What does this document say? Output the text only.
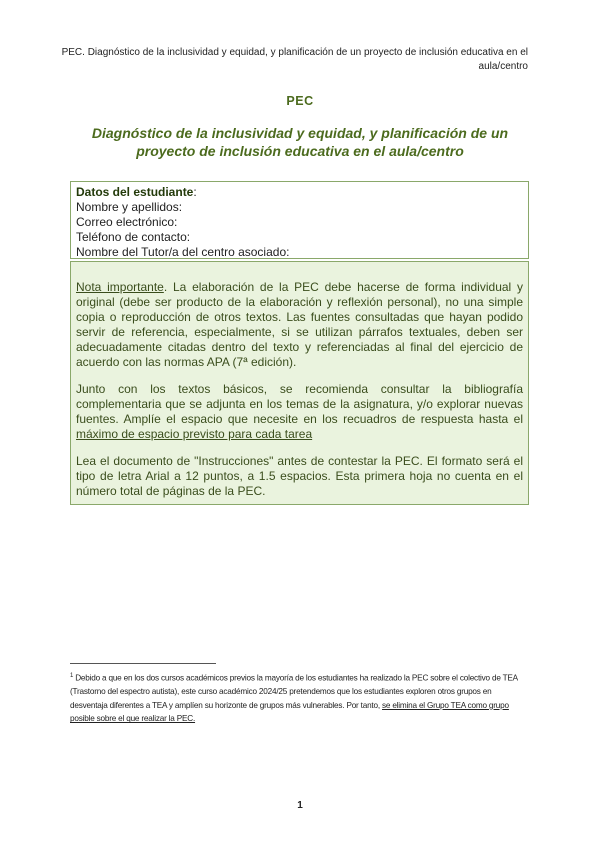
PEC. Diagnóstico de la inclusividad y equidad, y planificación de un proyecto de inclusión educativa en el aula/centro
PEC
Diagnóstico de la inclusividad y equidad, y planificación de un proyecto de inclusión educativa en el aula/centro
Datos del estudiante:
Nombre y apellidos:
Correo electrónico:
Teléfono de contacto:
Nombre del Tutor/a del centro asociado:

Nota importante. La elaboración de la PEC debe hacerse de forma individual y original (debe ser producto de la elaboración y reflexión personal), no una simple copia o reproducción de otros textos. Las fuentes consultadas que hayan podido servir de referencia, especialmente, si se utilizan párrafos textuales, deben ser adecuadamente citadas dentro del texto y referenciadas al final del ejercicio de acuerdo con las normas APA (7ª edición).

Junto con los textos básicos, se recomienda consultar la bibliografía complementaria que se adjunta en los temas de la asignatura, y/o explorar nuevas fuentes. Amplíe el espacio que necesite en los recuadros de respuesta hasta el máximo de espacio previsto para cada tarea

Lea el documento de "Instrucciones" antes de contestar la PEC. El formato será el tipo de letra Arial a 12 puntos, a 1.5 espacios. Esta primera hoja no cuenta en el número total de páginas de la PEC.

$^1$ Debido a que en los dos cursos académicos previos la mayoría de los estudiantes ha realizado la PEC sobre el colectivo de TEA (Trastorno del espectro autista), este curso académico 2024/25 pretendemos que los estudiantes exploren otros grupos en desventaja diferentes a TEA y amplíen su horizonte de grupos más vulnerables. Por tanto, se elimina el Grupo TEA como grupo posible sobre el que realizar la PEC.
1
